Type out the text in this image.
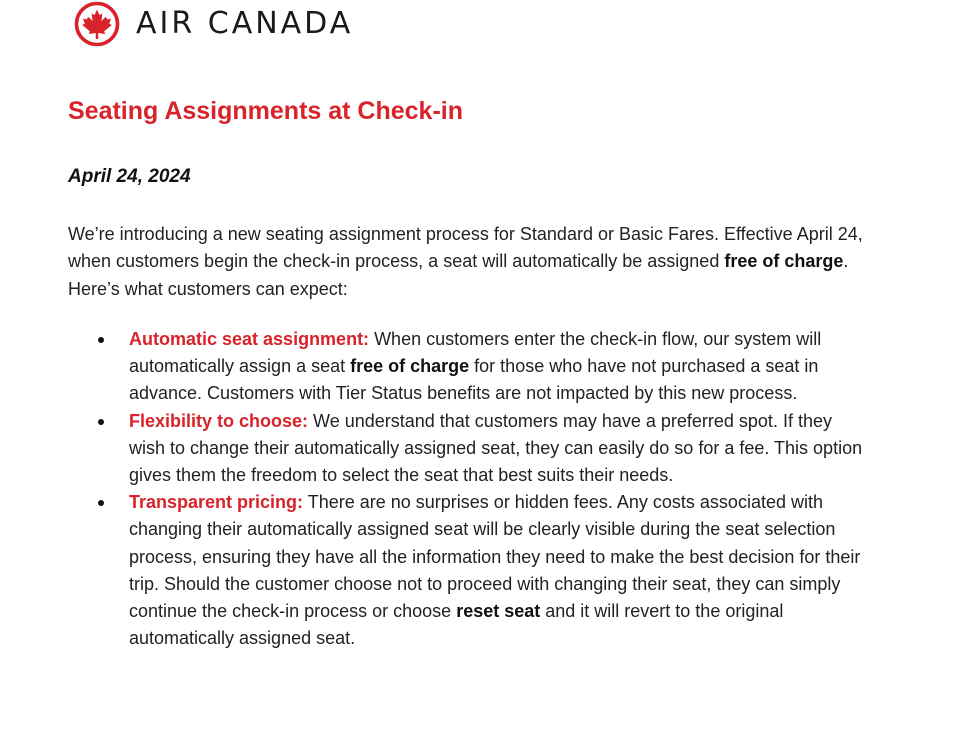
AIR CANADA
Seating Assignments at Check-in

April 24, 2024

We’re introducing a new seating assignment process for Standard or Basic Fares. Effective April 24, when customers begin the check-in process, a seat will automatically be assigned free of charge. Here’s what customers can expect:

Automatic seat assignment: When customers enter the check-in flow, our system will automatically assign a seat free of charge for those who have not purchased a seat in advance. Customers with Tier Status benefits are not impacted by this new process.
Flexibility to choose: We understand that customers may have a preferred spot. If they wish to change their automatically assigned seat, they can easily do so for a fee. This option gives them the freedom to select the seat that best suits their needs.
Transparent pricing: There are no surprises or hidden fees. Any costs associated with changing their automatically assigned seat will be clearly visible during the seat selection process, ensuring they have all the information they need to make the best decision for their trip. Should the customer choose not to proceed with changing their seat, they can simply continue the check-in process or choose reset seat and it will revert to the original automatically assigned seat.
